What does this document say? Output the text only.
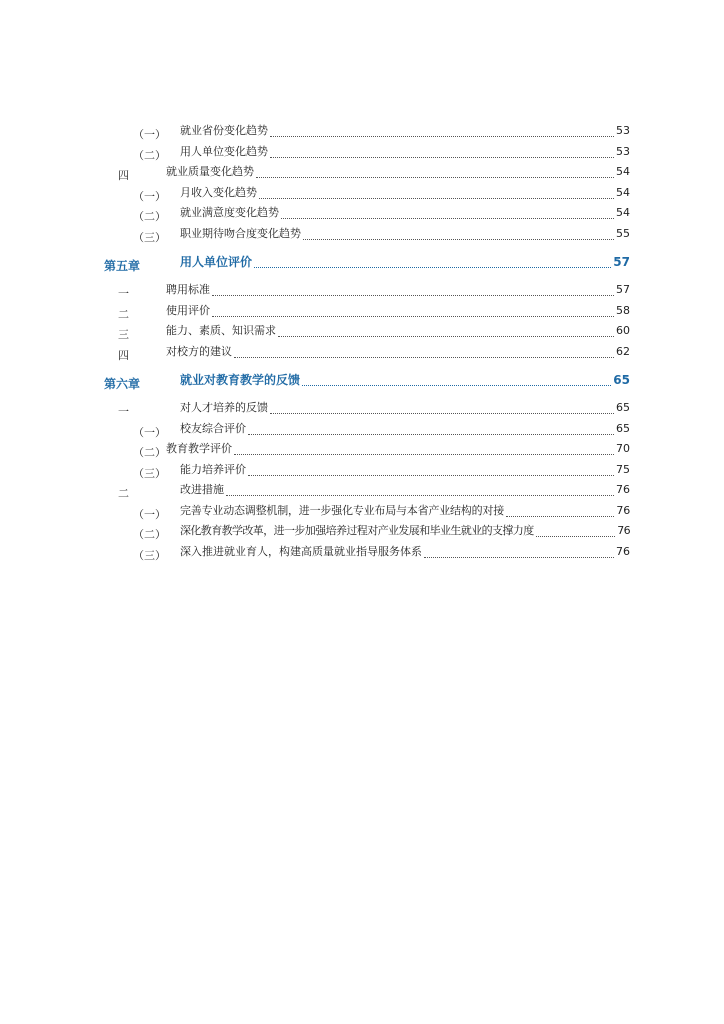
（一） 就业省份变化趋势	53
（二） 用人单位变化趋势	53
四	就业质量变化趋势	54
（一） 月收入变化趋势	54
（二） 就业满意度变化趋势	54
（三） 职业期待吻合度变化趋势	55
第五章	用人单位评价	57
一	聘用标准	57
二	使用评价	58
三	能力、素质、知识需求	60
四	对校方的建议	62
第六章	就业对教育教学的反馈	65
一	对人才培养的反馈	65
（一） 校友综合评价	65
（二） 教育教学评价	70
（三） 能力培养评价	75
二	改进措施	76
（一） 完善专业动态调整机制，进一步强化专业布局与本省产业结构的对接	76
（二） 深化教育教学改革，进一步加强培养过程对产业发展和毕业生就业的支撑力度	76
（三） 深入推进就业育人，构建高质量就业指导服务体系	76
